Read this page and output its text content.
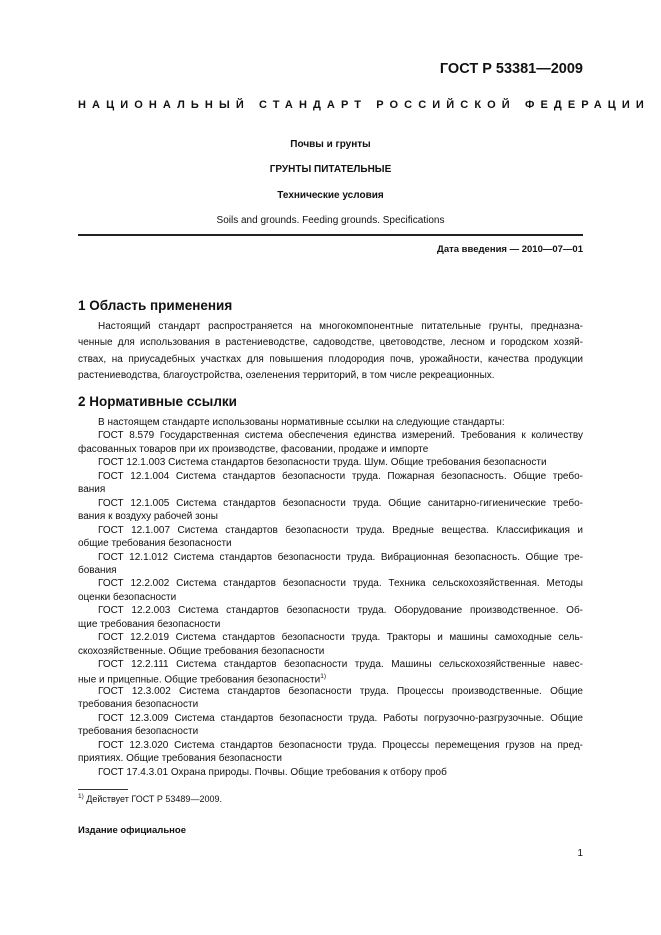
ГОСТ Р 53381—2009
НАЦИОНАЛЬНЫЙ СТАНДАРТ РОССИЙСКОЙ ФЕДЕРАЦИИ
Почвы и грунты
ГРУНТЫ ПИТАТЕЛЬНЫЕ
Технические условия
Soils and grounds. Feeding grounds. Specifications
Дата введения — 2010—07—01
1 Область применения
Настоящий стандарт распространяется на многокомпонентные питательные грунты, предназна-
ченные для использования в растениеводстве, садоводстве, цветоводстве, лесном и городском хозяй-
ствах, на приусадебных участках для повышения плодородия почв, урожайности, качества продукции
растениеводства, благоустройства, озеленения территорий, в том числе рекреационных.
2 Нормативные ссылки
В настоящем стандарте использованы нормативные ссылки на следующие стандарты:
ГОСТ 8.579 Государственная система обеспечения единства измерений. Требования к количеству
фасованных товаров при их производстве, фасовании, продаже и импорте
ГОСТ 12.1.003 Система стандартов безопасности труда. Шум. Общие требования безопасности
ГОСТ 12.1.004 Система стандартов безопасности труда. Пожарная безопасность. Общие требо-
вания
ГОСТ 12.1.005 Система стандартов безопасности труда. Общие санитарно-гигиенические требо-
вания к воздуху рабочей зоны
ГОСТ 12.1.007 Система стандартов безопасности труда. Вредные вещества. Классификация и
общие требования безопасности
ГОСТ 12.1.012 Система стандартов безопасности труда. Вибрационная безопасность. Общие тре-
бования
ГОСТ 12.2.002 Система стандартов безопасности труда. Техника сельскохозяйственная. Методы
оценки безопасности
ГОСТ 12.2.003 Система стандартов безопасности труда. Оборудование производственное. Об-
щие требования безопасности
ГОСТ 12.2.019 Система стандартов безопасности труда. Тракторы и машины самоходные сель-
скохозяйственные. Общие требования безопасности
ГОСТ 12.2.111 Система стандартов безопасности труда. Машины сельскохозяйственные навес-
ные и прицепные. Общие требования безопасности$^{1)}$
ГОСТ 12.3.002 Система стандартов безопасности труда. Процессы производственные. Общие
требования безопасности
ГОСТ 12.3.009 Система стандартов безопасности труда. Работы погрузочно-разгрузочные. Общие
требования безопасности
ГОСТ 12.3.020 Система стандартов безопасности труда. Процессы перемещения грузов на пред-
приятиях. Общие требования безопасности
ГОСТ 17.4.3.01 Охрана природы. Почвы. Общие требования к отбору проб
$^{1)}$ Действует ГОСТ Р 53489—2009.
Издание официальное
1
